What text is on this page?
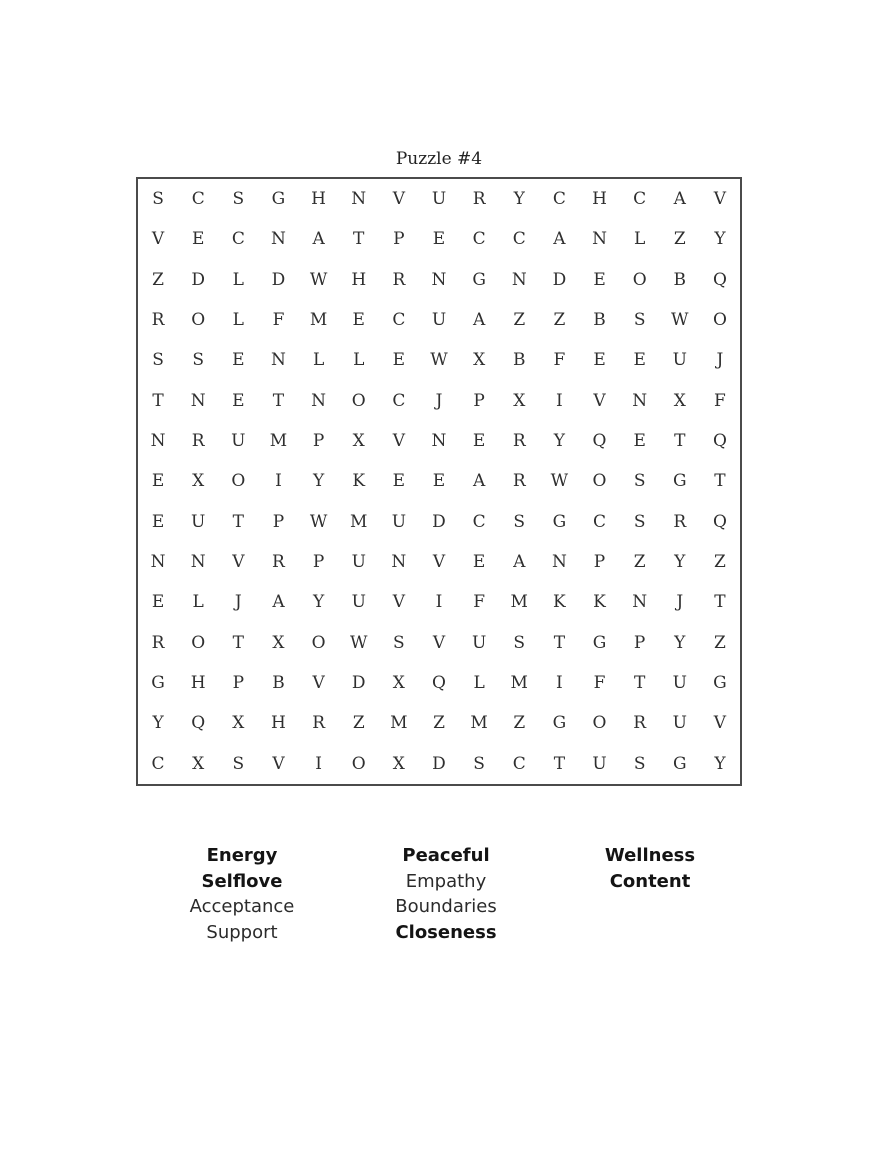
Puzzle #4
S	C	S	G	H	N	V	U	R	Y	C	H	C	A	V
V	E	C	N	A	T	P	E	C	C	A	N	L	Z	Y
Z	D	L	D	W	H	R	N	G	N	D	E	O	B	Q
R	O	L	F	M	E	C	U	A	Z	Z	B	S	W	O
S	S	E	N	L	L	E	W	X	B	F	E	E	U	J
T	N	E	T	N	O	C	J	P	X	I	V	N	X	F
N	R	U	M	P	X	V	N	E	R	Y	Q	E	T	Q
E	X	O	I	Y	K	E	E	A	R	W	O	S	G	T
E	U	T	P	W	M	U	D	C	S	G	C	S	R	Q
N	N	V	R	P	U	N	V	E	A	N	P	Z	Y	Z
E	L	J	A	Y	U	V	I	F	M	K	K	N	J	T
R	O	T	X	O	W	S	V	U	S	T	G	P	Y	Z
G	H	P	B	V	D	X	Q	L	M	I	F	T	U	G
Y	Q	X	H	R	Z	M	Z	M	Z	G	O	R	U	V
C	X	S	V	I	O	X	D	S	C	T	U	S	G	Y
Energy
Selflove
Acceptance
Support
Peaceful
Empathy
Boundaries
Closeness
Wellness
Content
